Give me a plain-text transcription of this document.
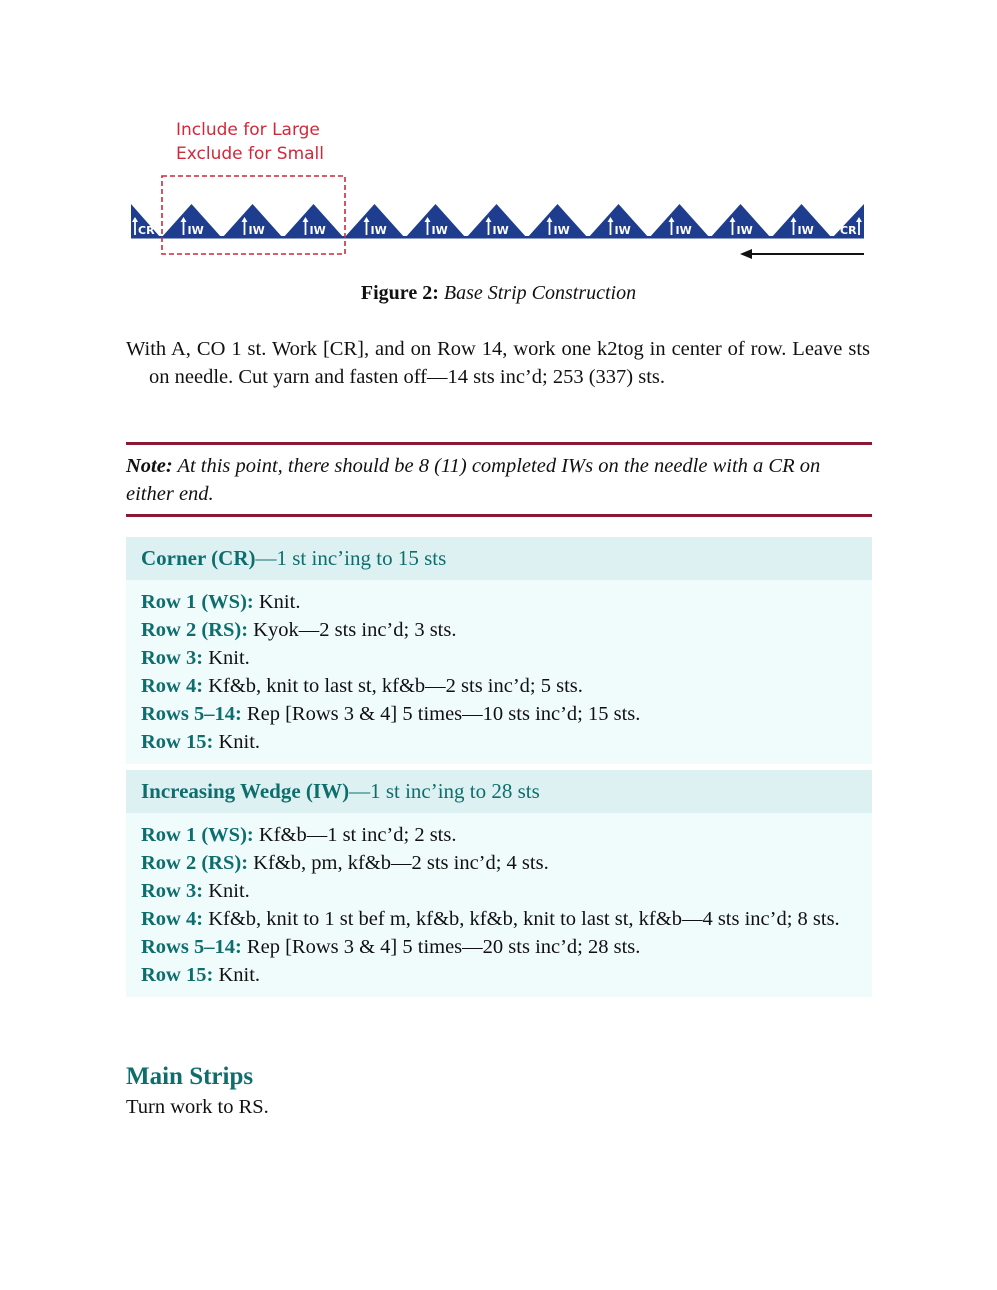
CR	IW	IW	IW	IW	IW	IW	IW	IW	IW	IW	IW CR
Include for Large
Exclude for Small
Figure 2: Base Strip Construction
With A, CO 1 st. Work [CR], and on Row 14, work one k2tog in center of row. Leave sts on needle. Cut yarn and fasten off—14 sts inc’d; 253 (337) sts.
Note: At this point, there should be 8 (11) completed IWs on the needle with a CR on either end.
Corner (CR)—1 st inc’ing to 15 sts
Row 1 (WS): Knit.
Row 2 (RS): Kyok—2 sts inc’d; 3 sts.
Row 3: Knit.
Row 4: Kf&b, knit to last st, kf&b—2 sts inc’d; 5 sts.
Rows 5–14: Rep [Rows 3 & 4] 5 times—10 sts inc’d; 15 sts.
Row 15: Knit.
Increasing Wedge (IW)—1 st inc’ing to 28 sts
Row 1 (WS): Kf&b—1 st inc’d; 2 sts.
Row 2 (RS): Kf&b, pm, kf&b—2 sts inc’d; 4 sts.
Row 3: Knit.
Row 4: Kf&b, knit to 1 st bef m, kf&b, kf&b, knit to last st, kf&b—4 sts inc’d; 8 sts.
Rows 5–14: Rep [Rows 3 & 4] 5 times—20 sts inc’d; 28 sts.
Row 15: Knit.
Main Strips
Turn work to RS.
